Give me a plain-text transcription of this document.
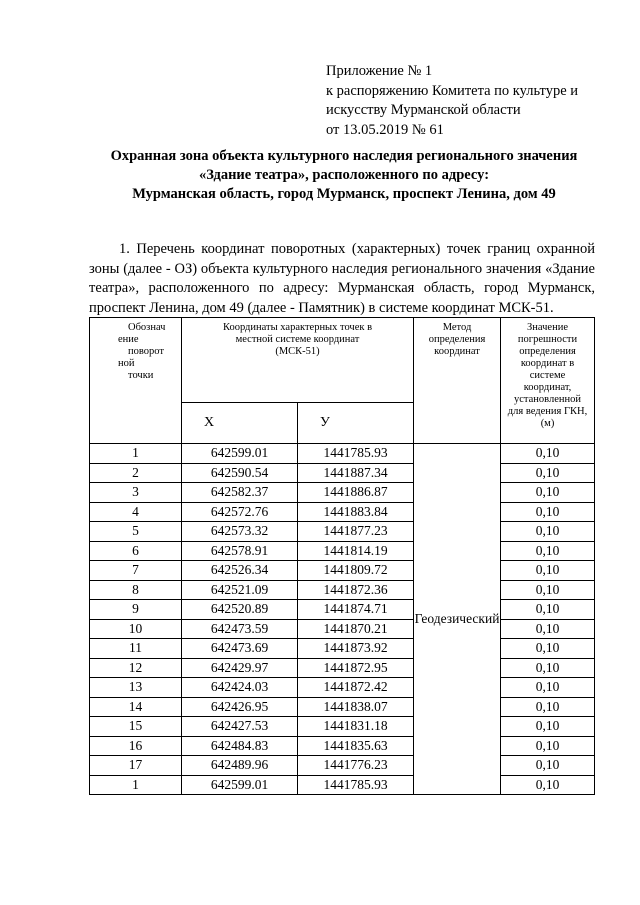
Приложение № 1
к распоряжению Комитета по культуре и
искусству Мурманской области
от 13.05.2019 № 61
Охранная зона объекта культурного наследия регионального значения
«Здание театра», расположенного по адресу:
Мурманская область, город Мурманск, проспект Ленина, дом 49
1. Перечень координат поворотных (характерных) точек границ охранной зоны (далее - ОЗ) объекта культурного наследия регионального значения «Здание театра», расположенного по адресу: Мурманская область, город Мурманск, проспект Ленина, дом 49 (далее - Памятник) в системе координат МСК-51.
Обознач
ение
поворот
ной
точки	Координаты характерных точек в местной системе координат (МСК-51)		Метод определения координат	Значение погрешности определения координат в системе координат, установленной для ведения ГКН, (м)

	X	У		
1	642599.01	1441785.93	Геодезический	0,10
2	642590.54	1441887.34		0,10
3	642582.37	1441886.87		0,10
4	642572.76	1441883.84		0,10
5	642573.32	1441877.23		0,10
6	642578.91	1441814.19		0,10
7	642526.34	1441809.72		0,10
8	642521.09	1441872.36		0,10
9	642520.89	1441874.71		0,10
10	642473.59	1441870.21		0,10
11	642473.69	1441873.92		0,10
12	642429.97	1441872.95		0,10
13	642424.03	1441872.42		0,10
14	642426.95	1441838.07		0,10
15	642427.53	1441831.18		0,10
16	642484.83	1441835.63		0,10
17	642489.96	1441776.23		0,10
1	642599.01	1441785.93		0,10
